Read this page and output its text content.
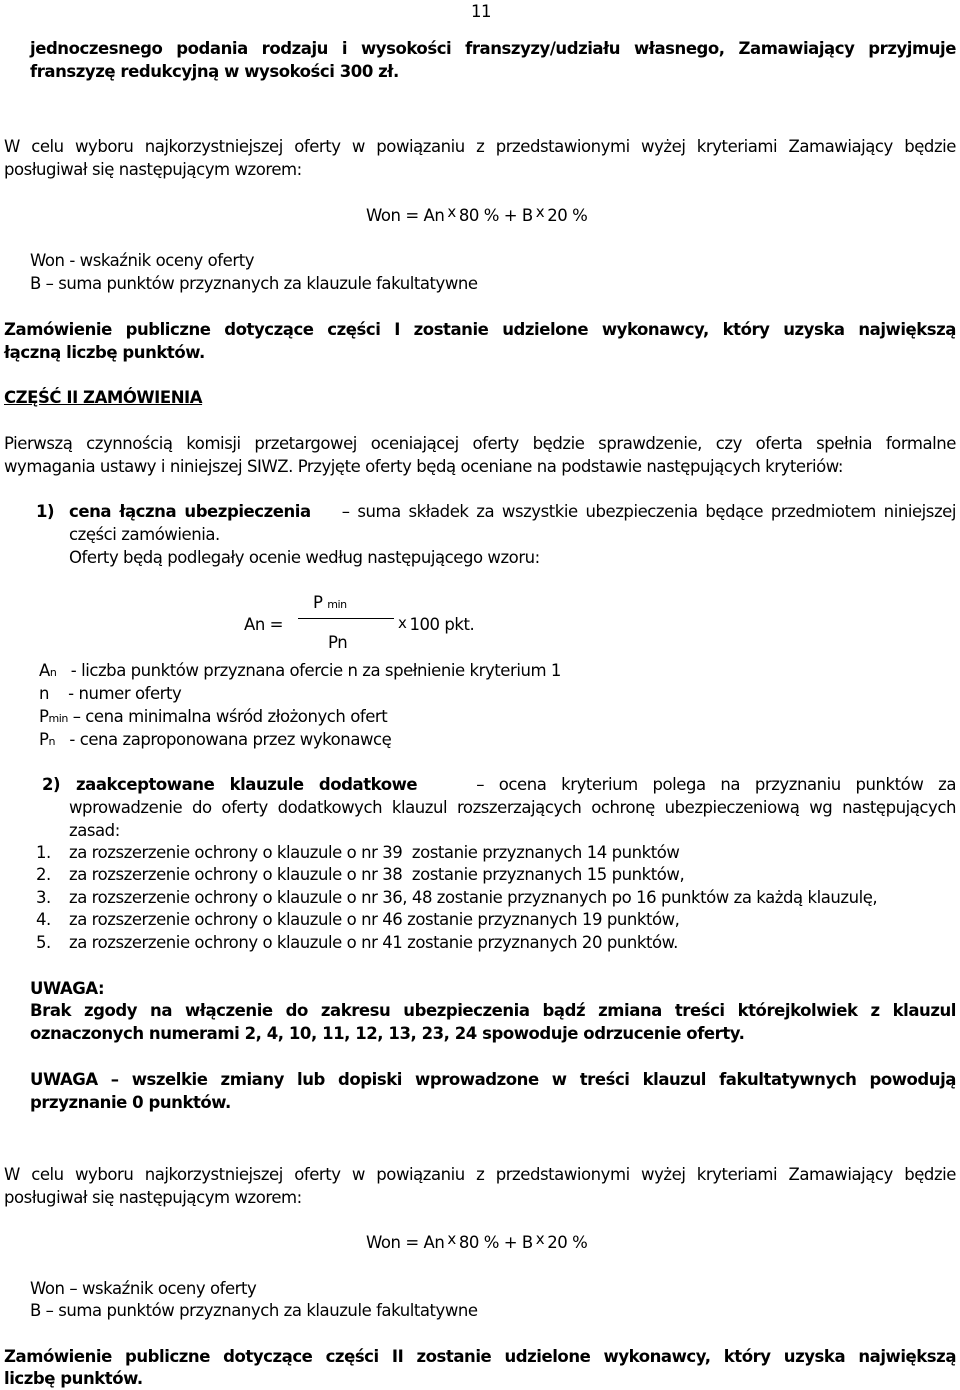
11
jednoczesnego podania rodzaju i wysokości franszyzy/udziału własnego, Zamawiający przyjmuje
franszyzę redukcyjną w wysokości 300 zł.
W celu wyboru najkorzystniejszej oferty w powiązaniu z przedstawionymi wyżej kryteriami Zamawiający będzie
posługiwał się następującym wzorem:
Won = An x 80 % + B x 20 %
Won - wskaźnik oceny oferty
B – suma punktów przyznanych za klauzule fakultatywne
Zamówienie publiczne dotyczące części I zostanie udzielone wykonawcy, który uzyska największą
łączną liczbę punktów.
CZĘŚĆ II ZAMÓWIENIA
Pierwszą czynnością komisji przetargowej oceniającej oferty będzie sprawdzenie, czy oferta spełnia formalne
wymagania ustawy i niniejszej SIWZ. Przyjęte oferty będą oceniane na podstawie następujących kryteriów:
1) cena łączna ubezpieczenia – suma składek za wszystkie ubezpieczenia będące przedmiotem niniejszej
części zamówienia.
Oferty będą podlegały ocenie według następującego wzoru:
P min
An =	x 100 pkt.
Pn
An - liczba punktów przyznana ofercie n za spełnienie kryterium 1
n    - numer oferty
Pmin – cena minimalna wśród złożonych ofert
Pn - cena zaproponowana przez wykonawcę
2) zaakceptowane klauzule dodatkowe	– ocena kryterium polega na przyznaniu punktów za
wprowadzenie do oferty dodatkowych klauzul rozszerzających ochronę ubezpieczeniową wg następujących
zasad:
1. za rozszerzenie ochrony o klauzule o nr 39  zostanie przyznanych 14 punktów
2. za rozszerzenie ochrony o klauzule o nr 38  zostanie przyznanych 15 punktów,
3. za rozszerzenie ochrony o klauzule o nr 36, 48 zostanie przyznanych po 16 punktów za każdą klauzulę,
4. za rozszerzenie ochrony o klauzule o nr 46 zostanie przyznanych 19 punktów,
5. za rozszerzenie ochrony o klauzule o nr 41 zostanie przyznanych 20 punktów.
UWAGA:
Brak zgody na włączenie do zakresu ubezpieczenia bądź zmiana treści którejkolwiek z klauzul
oznaczonych numerami 2, 4, 10, 11, 12, 13, 23, 24 spowoduje odrzucenie oferty.
UWAGA – wszelkie zmiany lub dopiski wprowadzone w treści klauzul fakultatywnych powodują
przyznanie 0 punktów.
W celu wyboru najkorzystniejszej oferty w powiązaniu z przedstawionymi wyżej kryteriami Zamawiający będzie
posługiwał się następującym wzorem:
Won = An x 80 % + B x 20 %
Won – wskaźnik oceny oferty
B – suma punktów przyznanych za klauzule fakultatywne
Zamówienie publiczne dotyczące części II zostanie udzielone wykonawcy, który uzyska największą
liczbę punktów.
